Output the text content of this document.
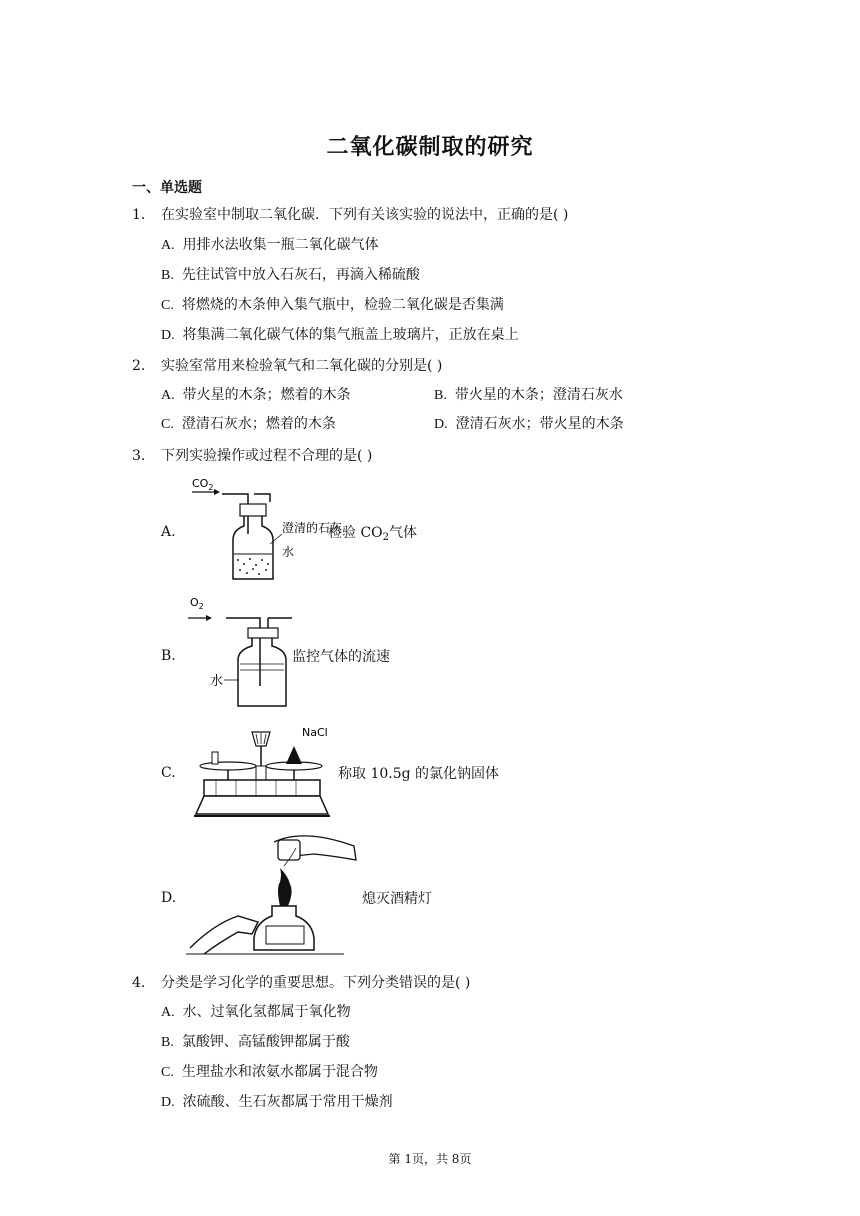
二氧化碳制取的研究
一、单选题
1. 在实验室中制取二氧化碳．下列有关该实验的说法中，正确的是( )
A. 用排水法收集一瓶二氧化碳气体
B. 先往试管中放入石灰石，再滴入稀硫酸
C. 将燃烧的木条伸入集气瓶中，检验二氧化碳是否集满
D. 将集满二氧化碳气体的集气瓶盖上玻璃片，正放在桌上
2. 实验室常用来检验氧气和二氧化碳的分别是( )
A. 带火星的木条；燃着的木条	B. 带火星的木条；澄清石灰水
C. 澄清石灰水；燃着的木条	D. 澄清石灰水；带火星的木条
3. 下列实验操作或过程不合理的是( )
A.
$CO_2$
澄清的石灰
水
检验 $CO_2$气体
B.
$O_2$
水
监控气体的流速
C.
NaCl
称取 10.5g 的氯化钠固体
D.	熄灭酒精灯
4. 分类是学习化学的重要思想。下列分类错误的是( )
A. 水、过氧化氢都属于氧化物
B. 氯酸钾、高锰酸钾都属于酸
C. 生理盐水和浓氨水都属于混合物
D. 浓硫酸、生石灰都属于常用干燥剂
第 1页，共 8页
